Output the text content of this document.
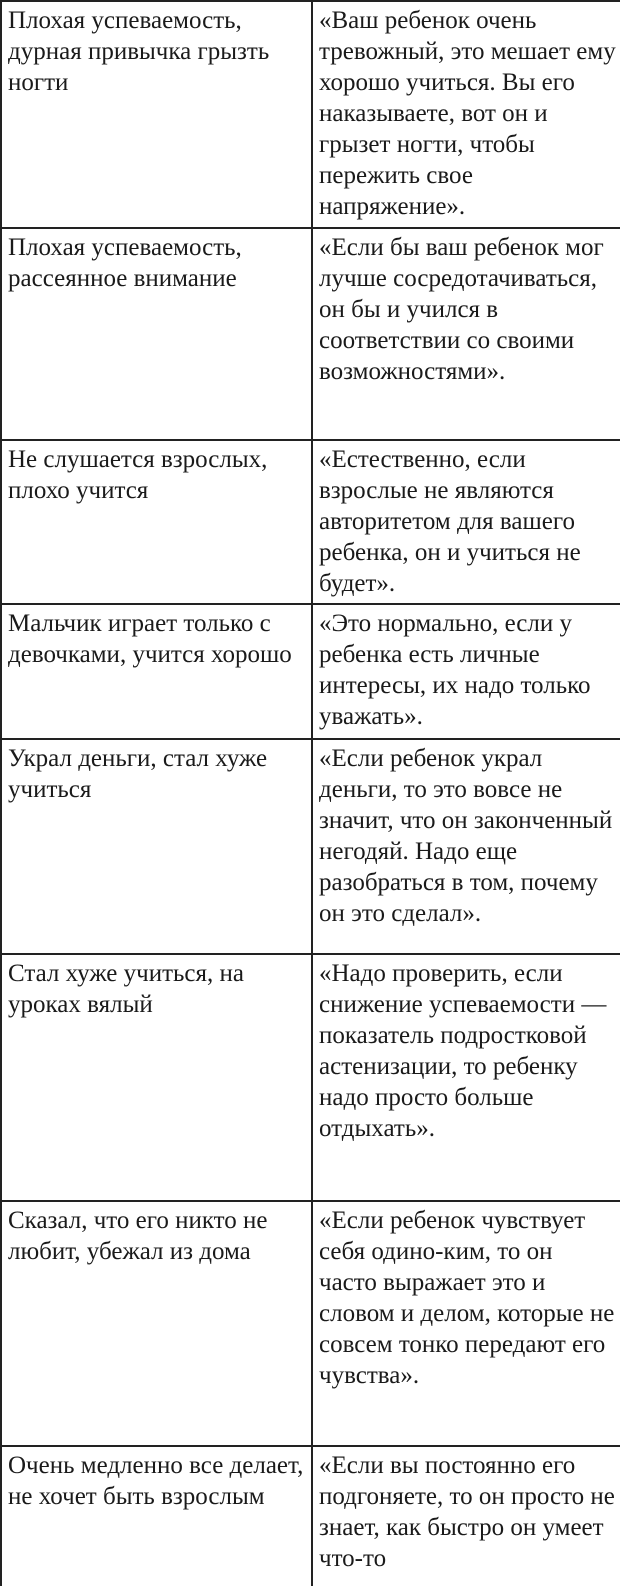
Плохая успеваемость, дурная привычка грызть ногти	«Ваш ребенок очень тревожный, это мешает ему хорошо учиться. Вы его наказываете, вот он и грызет ногти, чтобы пережить свое напряжение».
Плохая успеваемость, рассеянное внимание	«Если бы ваш ребенок мог лучше сосредотачиваться, он бы и учился в соответствии со своими возможностями».
Не слушается взрослых, плохо учится	«Естественно, если взрослые не являются авторитетом для вашего ребенка, он и учиться не будет».
Мальчик играет только с девочками, учится хорошо	«Это нормально, если у ребенка есть личные интересы, их надо только уважать».
Украл деньги, стал хуже учиться	«Если ребенок украл деньги, то это вовсе не значит, что он законченный негодяй. Надо еще разобраться в том, почему он это сделал».
Стал хуже учиться, на уроках вялый	«Надо проверить, если снижение успеваемости — показатель подростковой астенизации, то ребенку надо просто больше отдыхать».
Сказал, что его никто не любит, убежал из дома	«Если ребенок чувствует себя одино-ким, то он часто выражает это и словом и делом, которые не совсем тонко передают его чувства».
Очень медленно все делает, не хочет быть взрослым	«Если вы постоянно его подгоняете, то он просто не знает, как быстро он умеет что-то
